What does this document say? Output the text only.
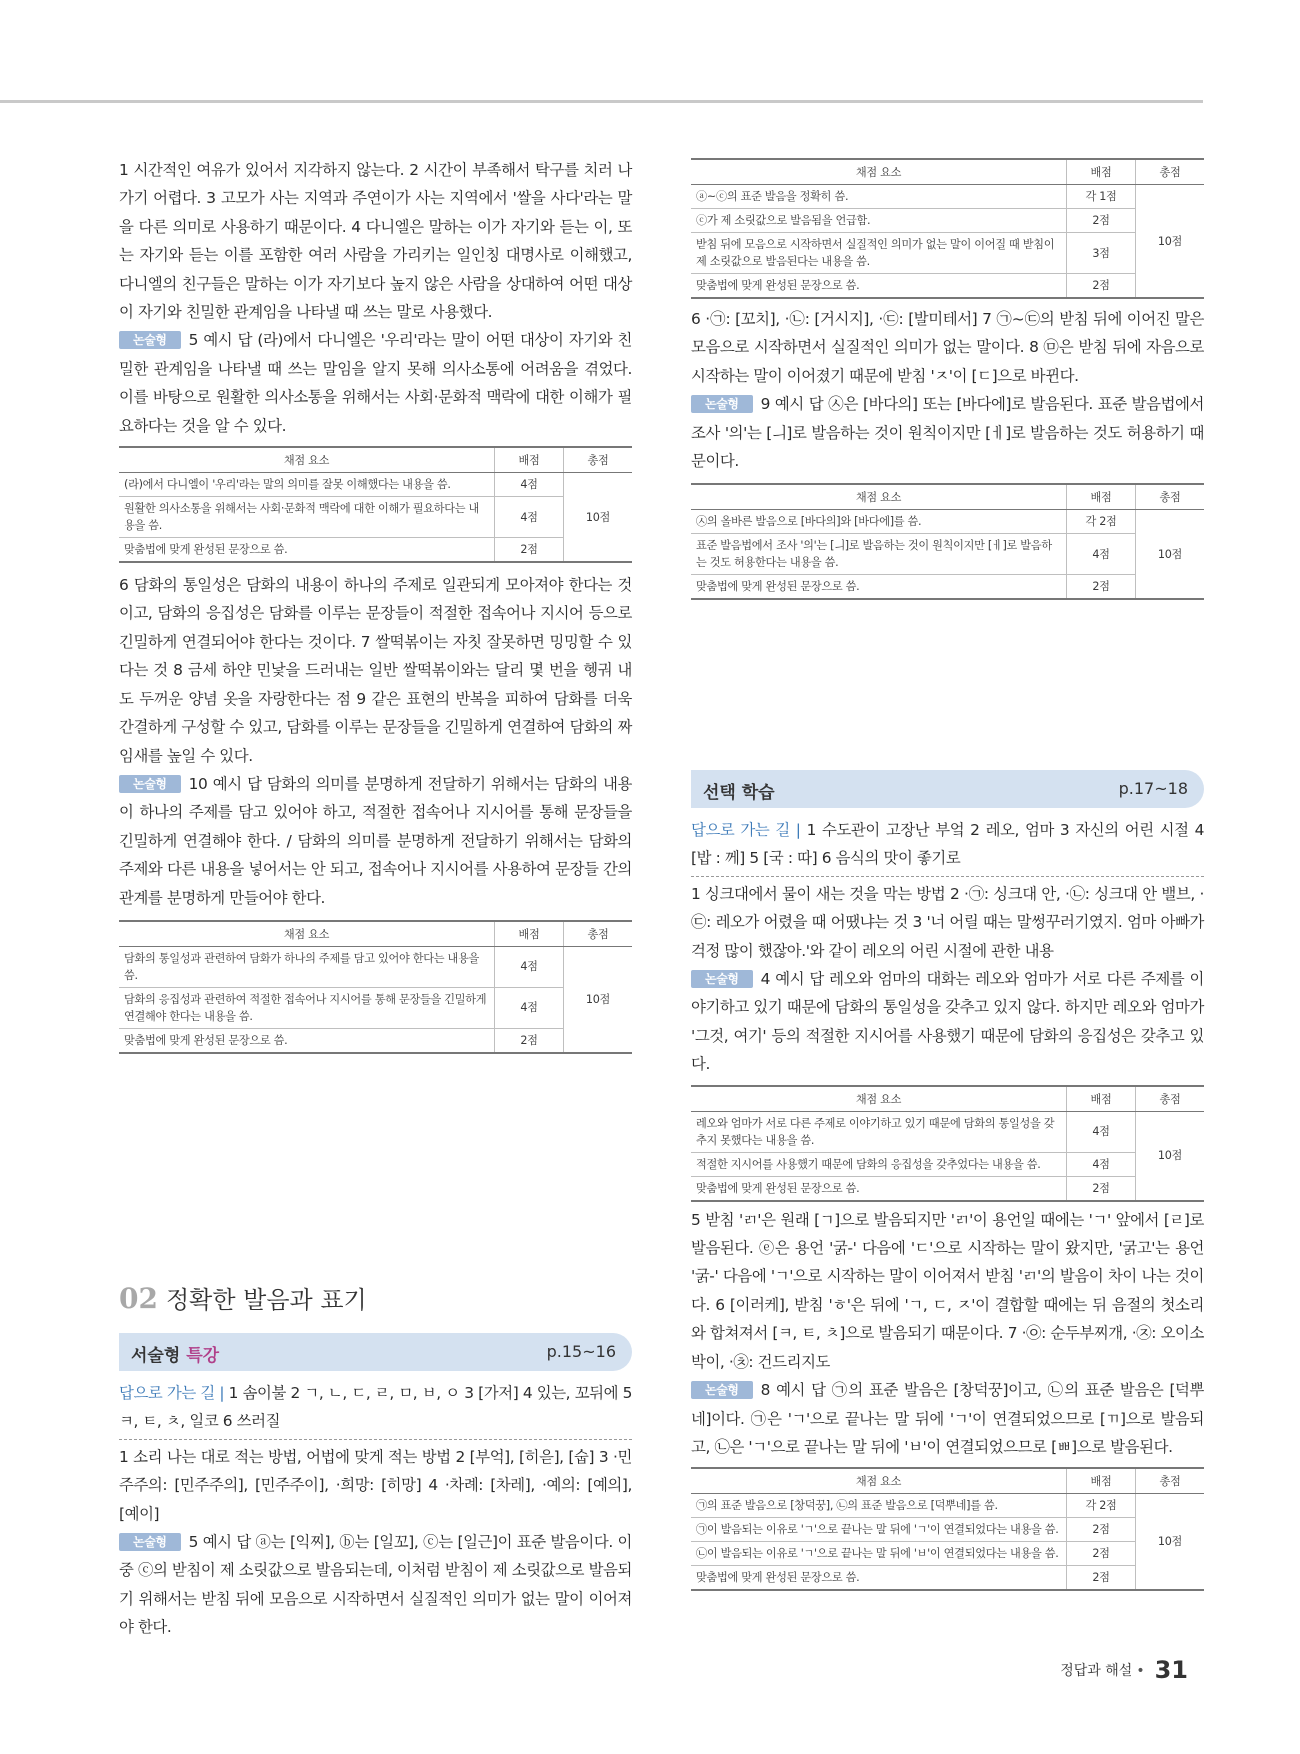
1 시간적인 여유가 있어서 지각하지 않는다. 2 시간이 부족해서 탁구를 치러 나가기 어렵다. 3 고모가 사는 지역과 주연이가 사는 지역에서 '쌀을 사다'라는 말을 다른 의미로 사용하기 때문이다. 4 다니엘은 말하는 이가 자기와 듣는 이, 또는 자기와 듣는 이를 포함한 여러 사람을 가리키는 일인칭 대명사로 이해했고, 다니엘의 친구들은 말하는 이가 자기보다 높지 않은 사람을 상대하여 어떤 대상이 자기와 친밀한 관계임을 나타낼 때 쓰는 말로 사용했다.

논술형 5 예시 답 (라)에서 다니엘은 '우리'라는 말이 어떤 대상이 자기와 친밀한 관계임을 나타낼 때 쓰는 말임을 알지 못해 의사소통에 어려움을 겪었다. 이를 바탕으로 원활한 의사소통을 위해서는 사회·문화적 맥락에 대한 이해가 필요하다는 것을 알 수 있다.

채점 요소	배점	총점
(라)에서 다니엘이 '우리'라는 말의 의미를 잘못 이해했다는 내용을 씀.	4점	10점
원활한 의사소통을 위해서는 사회·문화적 맥락에 대한 이해가 필요하다는 내용을 씀.	4점	
맞춤법에 맞게 완성된 문장으로 씀.	2점	

6 담화의 통일성은 담화의 내용이 하나의 주제로 일관되게 모아져야 한다는 것이고, 담화의 응집성은 담화를 이루는 문장들이 적절한 접속어나 지시어 등으로 긴밀하게 연결되어야 한다는 것이다. 7 쌀떡볶이는 자칫 잘못하면 밍밍할 수 있다는 것 8 금세 하얀 민낯을 드러내는 일반 쌀떡볶이와는 달리 몇 번을 헹궈 내도 두꺼운 양념 옷을 자랑한다는 점 9 같은 표현의 반복을 피하여 담화를 더욱 간결하게 구성할 수 있고, 담화를 이루는 문장들을 긴밀하게 연결하여 담화의 짜임새를 높일 수 있다.

논술형 10 예시 답 담화의 의미를 분명하게 전달하기 위해서는 담화의 내용이 하나의 주제를 담고 있어야 하고, 적절한 접속어나 지시어를 통해 문장들을 긴밀하게 연결해야 한다. / 담화의 의미를 분명하게 전달하기 위해서는 담화의 주제와 다른 내용을 넣어서는 안 되고, 접속어나 지시어를 사용하여 문장들 간의 관계를 분명하게 만들어야 한다.

채점 요소	배점	총점
담화의 통일성과 관련하여 담화가 하나의 주제를 담고 있어야 한다는 내용을 씀.	4점	10점
담화의 응집성과 관련하여 적절한 접속어나 지시어를 통해 문장들을 긴밀하게 연결해야 한다는 내용을 씀.	4점	
맞춤법에 맞게 완성된 문장으로 씀.	2점	
02 정확한 발음과 표기
서술형 특강	p.15~16

답으로 가는 길 | 1 솜이불 2 ㄱ, ㄴ, ㄷ, ㄹ, ㅁ, ㅂ, ㅇ 3 [가저] 4 있는, 꼬뒤에 5 ㅋ, ㅌ, ㅊ, 일코 6 쓰러질

1 소리 나는 대로 적는 방법, 어법에 맞게 적는 방법 2 [부억], [히읃], [숩] 3 ·민주주의: [민주주의], [민주주이], ·희망: [히망] 4 ·차례: [차레], ·예의: [예의], [예이]

논술형 5 예시 답 ⓐ는 [익찌], ⓑ는 [일꼬], ⓒ는 [일근]이 표준 발음이다. 이 중 ⓒ의 받침이 제 소릿값으로 발음되는데, 이처럼 받침이 제 소릿값으로 발음되기 위해서는 받침 뒤에 모음으로 시작하면서 실질적인 의미가 없는 말이 이어져야 한다.

채점 요소	배점	총점
ⓐ~ⓒ의 표준 발음을 정확히 씀.	각 1점	10점
ⓒ가 제 소릿값으로 발음됨을 언급함.	2점	
받침 뒤에 모음으로 시작하면서 실질적인 의미가 없는 말이 이어질 때 받침이 제 소릿값으로 발음된다는 내용을 씀.	3점	
맞춤법에 맞게 완성된 문장으로 씀.	2점	

6 ·㉠: [꼬치], ·㉡: [거시지], ·㉢: [발미테서] 7 ㉠~㉢의 받침 뒤에 이어진 말은 모음으로 시작하면서 실질적인 의미가 없는 말이다. 8 ㉤은 받침 뒤에 자음으로 시작하는 말이 이어졌기 때문에 받침 'ㅈ'이 [ㄷ]으로 바뀐다.

논술형 9 예시 답 ㉦은 [바다의] 또는 [바다에]로 발음된다. 표준 발음법에서 조사 '의'는 [ㅢ]로 발음하는 것이 원칙이지만 [ㅔ]로 발음하는 것도 허용하기 때문이다.

채점 요소	배점	총점
㉦의 올바른 발음으로 [바다의]와 [바다에]를 씀.	각 2점	10점
표준 발음법에서 조사 '의'는 [ㅢ]로 발음하는 것이 원칙이지만 [ㅔ]로 발음하는 것도 허용한다는 내용을 씀.	4점	
맞춤법에 맞게 완성된 문장으로 씀.	2점	
선택 학습	p.17~18

답으로 가는 길 | 1 수도관이 고장난 부엌 2 레오, 엄마 3 자신의 어린 시절 4 [밥 : 께] 5 [국 : 따] 6 음식의 맛이 좋기로

1 싱크대에서 물이 새는 것을 막는 방법 2 ·㉠: 싱크대 안, ·㉡: 싱크대 안 밸브, ·㉢: 레오가 어렸을 때 어땠냐는 것 3 '너 어릴 때는 말썽꾸러기였지. 엄마 아빠가 걱정 많이 했잖아.'와 같이 레오의 어린 시절에 관한 내용

논술형 4 예시 답 레오와 엄마의 대화는 레오와 엄마가 서로 다른 주제를 이야기하고 있기 때문에 담화의 통일성을 갖추고 있지 않다. 하지만 레오와 엄마가 '그것, 여기' 등의 적절한 지시어를 사용했기 때문에 담화의 응집성은 갖추고 있다.

채점 요소	배점	총점
레오와 엄마가 서로 다른 주제로 이야기하고 있기 때문에 담화의 통일성을 갖추지 못했다는 내용을 씀.	4점	10점
적절한 지시어를 사용했기 때문에 담화의 응집성을 갖추었다는 내용을 씀.	4점	
맞춤법에 맞게 완성된 문장으로 씀.	2점	

5 받침 'ㄺ'은 원래 [ㄱ]으로 발음되지만 'ㄺ'이 용언일 때에는 'ㄱ' 앞에서 [ㄹ]로 발음된다. ⓔ은 용언 '굵-' 다음에 'ㄷ'으로 시작하는 말이 왔지만, '굵고'는 용언 '굵-' 다음에 'ㄱ'으로 시작하는 말이 이어져서 받침 'ㄺ'의 발음이 차이 나는 것이다. 6 [이러케], 받침 'ㅎ'은 뒤에 'ㄱ, ㄷ, ㅈ'이 결합할 때에는 뒤 음절의 첫소리와 합쳐져서 [ㅋ, ㅌ, ㅊ]으로 발음되기 때문이다. 7 ·㉧: 순두부찌개, ·㉨: 오이소박이, ·㉩: 건드리지도

논술형 8 예시 답 ㉠의 표준 발음은 [창덕꿍]이고, ㉡의 표준 발음은 [덕뿌네]이다. ㉠은 'ㄱ'으로 끝나는 말 뒤에 'ㄱ'이 연결되었으므로 [ㄲ]으로 발음되고, ㉡은 'ㄱ'으로 끝나는 말 뒤에 'ㅂ'이 연결되었으므로 [ㅃ]으로 발음된다.

채점 요소	배점	총점
㉠의 표준 발음으로 [창덕꿍], ㉡의 표준 발음으로 [덕뿌네]를 씀.	각 2점	10점
㉠이 발음되는 이유로 'ㄱ'으로 끝나는 말 뒤에 'ㄱ'이 연결되었다는 내용을 씀.	2점	
㉡이 발음되는 이유로 'ㄱ'으로 끝나는 말 뒤에 'ㅂ'이 연결되었다는 내용을 씀.	2점	
맞춤법에 맞게 완성된 문장으로 씀.	2점	
정답과 해설 • 31
